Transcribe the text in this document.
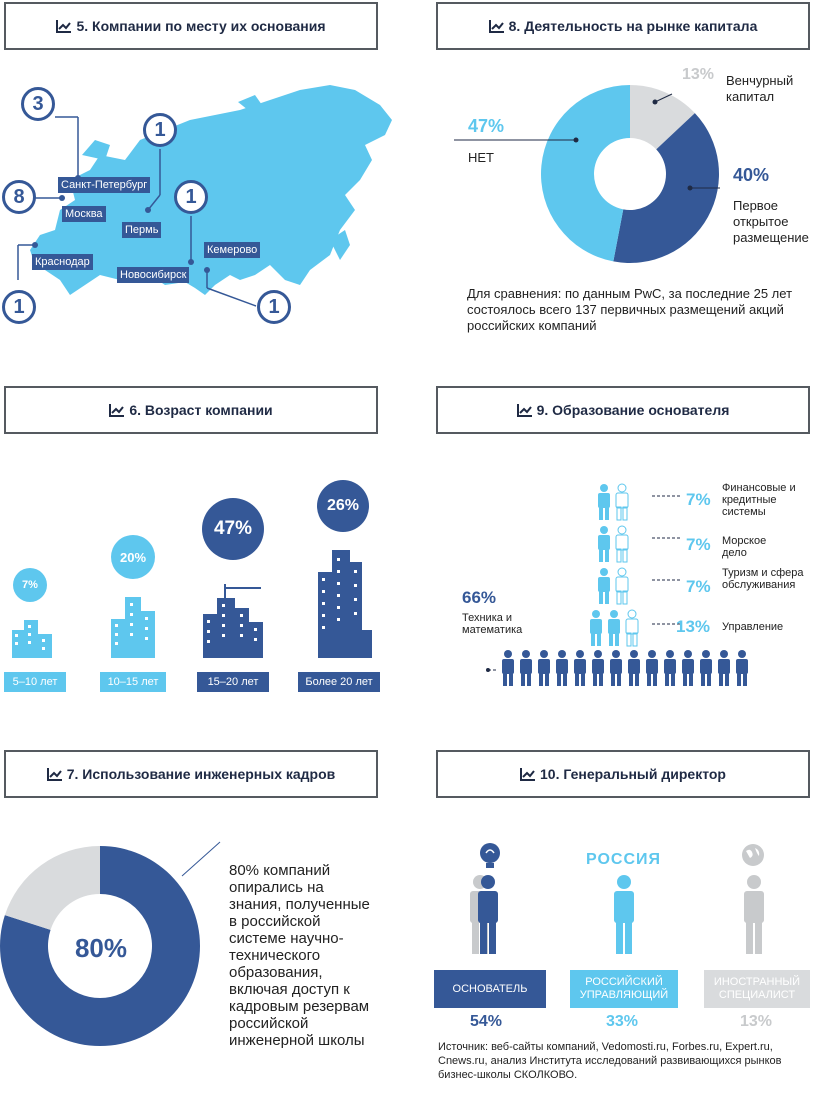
5. Компании по месту их основания
3
8
1
1
1	1
Санкт-Петербург
Москва
Пермь
Новосибирск
Кемерово
Краснодар
8. Деятельность на рынке капитала
13% Венчурный капитал
47%
НЕТ
40%
Первое открытое размещение
Для сравнения: по данным PwC, за последние 25 лет состоялось всего 137 первичных размещений акций российских компаний
6. Возраст компании
7%
20%
47%
26%
5–10 лет	10–15 лет	15–20 лет	Более 20 лет
9. Образование основателя
7%
Финансовые и кредитные системы
7% Морское дело
7%
Туризм и сфера обслуживания
13% Управление
66%
Техника и математика
7. Использование инженерных кадров
80%
80% компаний опирались на знания, полученные в российской системе научно-технического образования, включая доступ к кадровым резервам российской инженерной школы
10. Генеральный директор
РОССИЯ
ОСНОВАТЕЛЬ
РОССИЙСКИЙ УПРАВЛЯЮЩИЙ
ИНОСТРАННЫЙ СПЕЦИАЛИСТ
54%	33%	13%
Источник: веб-сайты компаний, Vedomosti.ru, Forbes.ru, Expert.ru, Cnews.ru, анализ Института исследований развивающихся рынков бизнес-школы СКОЛКОВО.
